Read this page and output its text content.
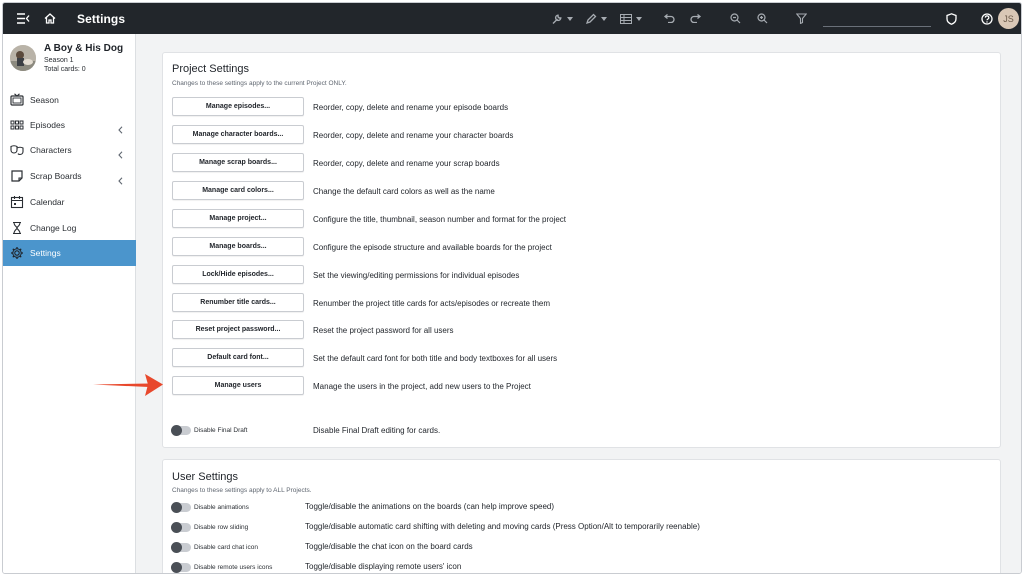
Settings	JS
A Boy & His Dog
Season 1
Total cards: 0
Season
Episodes
Characters
Scrap Boards
Calendar
Change Log
Settings
Project Settings
Changes to these settings apply to the current Project ONLY.
Manage episodes...	Reorder, copy, delete and rename your episode boards
Manage character boards...	Reorder, copy, delete and rename your character boards
Manage scrap boards...	Reorder, copy, delete and rename your scrap boards
Manage card colors...	Change the default card colors as well as the name
Manage project...	Configure the title, thumbnail, season number and format for the project
Manage boards...	Configure the episode structure and available boards for the project
Lock/Hide episodes...	Set the viewing/editing permissions for individual episodes
Renumber title cards...	Renumber the project title cards for acts/episodes or recreate them
Reset project password...	Reset the project password for all users
Default card font...	Set the default card font for both title and body textboxes for all users
Manage users	Manage the users in the project, add new users to the Project
Disable Final Draft	Disable Final Draft editing for cards.
User Settings
Changes to these settings apply to ALL Projects.
Disable animations	Toggle/disable the animations on the boards (can help improve speed)
Disable row sliding	Toggle/disable automatic card shifting with deleting and moving cards (Press Option/Alt to temporarily reenable)
Disable card chat icon	Toggle/disable the chat icon on the board cards
Disable remote users icons	Toggle/disable displaying remote users' icon
